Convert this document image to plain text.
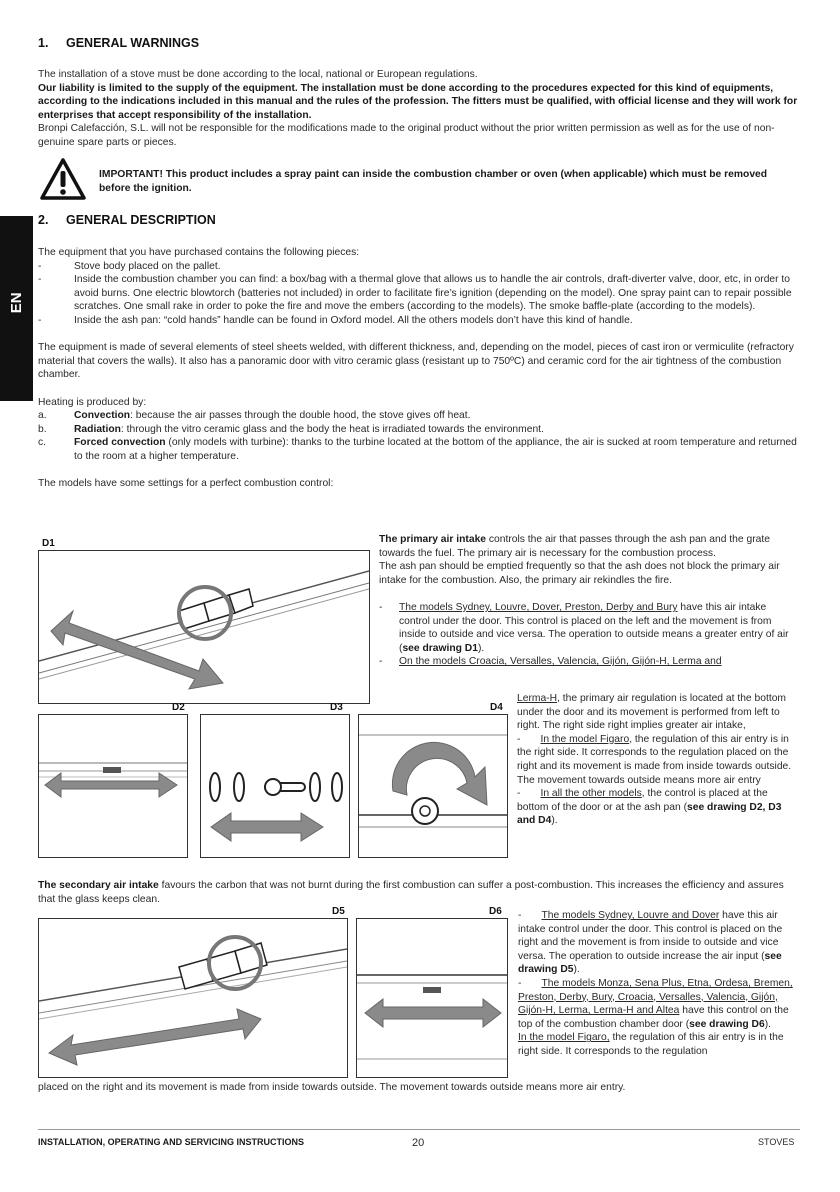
1. GENERAL WARNINGS

The installation of a stove must be done according to the local, national or European regulations.

Our liability is limited to the supply of the equipment. The installation must be done according to the procedures expected for this kind of equipments, according to the indications included in this manual and the rules of the profession. The fitters must be qualified, with official license and they will work for enterprises that accept responsibility of the installation.

Bronpi Calefacción, S.L. will not be responsible for the modifications made to the original product without the prior written permission as well as for the use of non-genuine spare parts or pieces.

IMPORTANT! This product includes a spray paint can inside the combustion chamber or oven (when applicable) which must be removed before the ignition.

EN
2. GENERAL DESCRIPTION

The equipment that you have purchased contains the following pieces:

-	Stove body placed on the pallet.
-	Inside the combustion chamber you can find: a box/bag with a thermal glove that allows us to handle the air controls, draft-diverter valve, door, etc, in order to avoid burns. One electric blowtorch (batteries not included) in order to facilitate fire’s ignition (depending on the model). One spray paint can to repair possible scratches. One small rake in order to poke the fire and move the embers (according to the models). The smoke baffle-plate (according to the models).
-	Inside the ash pan: “cold hands” handle can be found in Oxford model. All the others models don’t have this kind of handle.

The equipment is made of several elements of steel sheets welded, with different thickness, and, depending on the model, pieces of cast iron or vermiculite (refractory material that covers the walls). It also has a panoramic door with vitro ceramic glass (resistant up to 750ºC) and ceramic cord for the air tightness of the combustion chamber.

Heating is produced by:

a.	Convection: because the air passes through the double hood, the stove gives off heat.
b.	Radiation: through the vitro ceramic glass and the body the heat is irradiated towards the environment.
c.	Forced convection (only models with turbine): thanks to the turbine located at the bottom of the appliance, the air is sucked at room temperature and returned to the room at a higher temperature.

The models have some settings for a perfect combustion control:

D1
D2	D3	D4

The primary air intake controls the air that passes through the ash pan and the grate towards the fuel. The primary air is necessary for the combustion process.

The ash pan should be emptied frequently so that the ash does not block the primary air intake for the combustion. Also, the primary air rekindles the fire.

- The models Sydney, Louvre, Dover, Preston, Derby and Bury have this air intake control under the door. This control is placed on the left and the movement is from inside to outside and vice versa. The operation to outside means a greater entry of air (see drawing D1).
- On the models Croacia, Versalles, Valencia, Gijón, Gijón-H, Lerma and

Lerma-H, the primary air regulation is located at the bottom under the door and its movement is performed from left to right. The right side right implies greater air intake,

-       In the model Figaro, the regulation of this air entry is in the right side. It corresponds to the regulation placed on the right and its movement is made from inside towards outside. The movement towards outside means more air entry

-       In all the other models, the control is placed at the bottom of the door or at the ash pan (see drawing D2, D3 and D4).

The secondary air intake favours the carbon that was not burnt during the first combustion can suffer a post-combustion. This increases the efficiency and assures that the glass keeps clean.

D5	D6 -       The models Sydney, Louvre and Dover have this air intake control under the door. This control is placed on the right and the movement is from inside to outside and vice versa. The operation to outside increase the air input (see drawing D5).

-       The models Monza, Sena Plus, Etna, Ordesa, Bremen, Preston, Derby, Bury, Croacia, Versalles, Valencia, Gijón, Gijón-H, Lerma, Lerma-H and Altea have this control on the top of the combustion chamber door (see drawing D6).

In the model Figaro, the regulation of this air entry is in the right side. It corresponds to the regulation

placed on the right and its movement is made from inside towards outside. The movement towards outside means more air entry.

INSTALLATION, OPERATING AND SERVICING INSTRUCTIONS	20	STOVES
